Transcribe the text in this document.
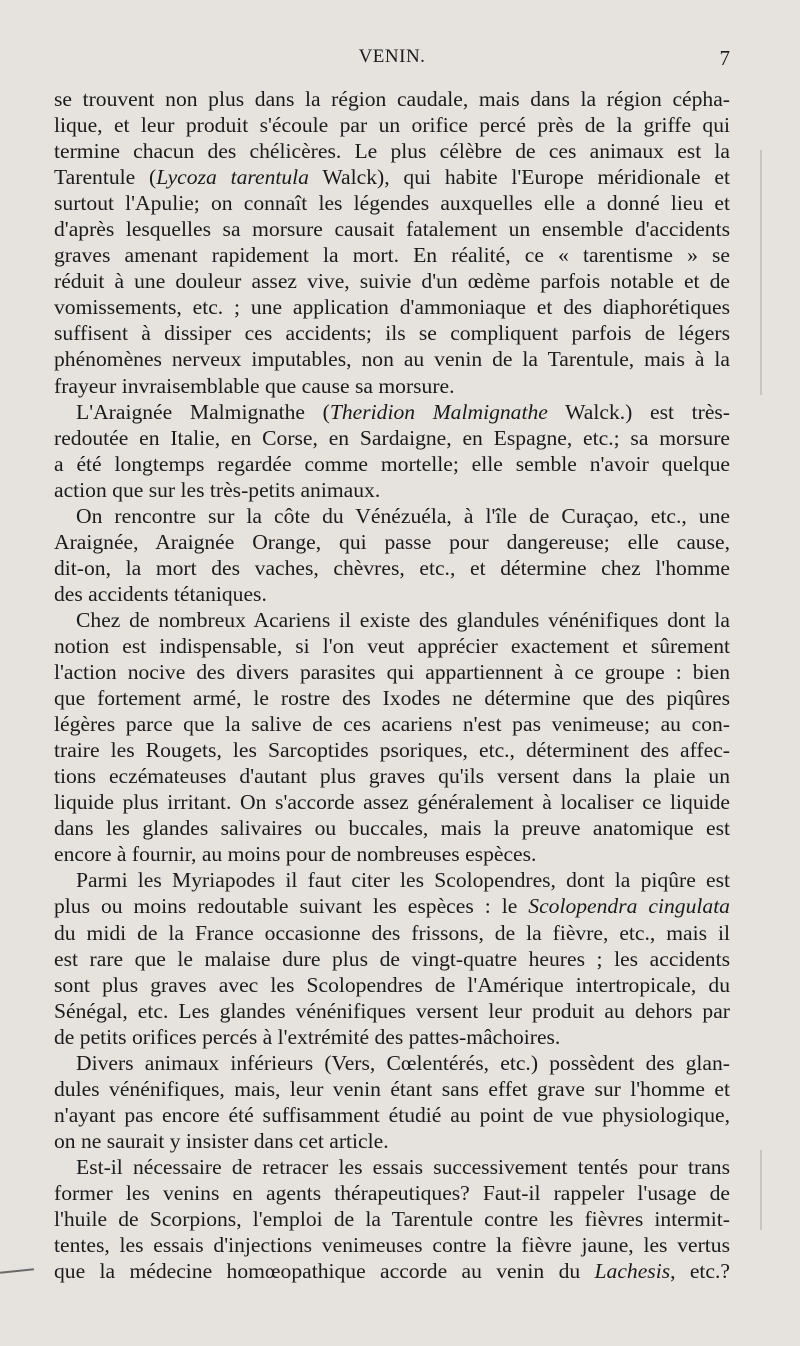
VENIN.	7
se trouvent non plus dans la région caudale, mais dans la région cépha-
lique, et leur produit s'écoule par un orifice percé près de la griffe qui
termine chacun des chélicères. Le plus célèbre de ces animaux est la
Tarentule (Lycoza tarentula Walck), qui habite l'Europe méridionale et
surtout l'Apulie; on connaît les légendes auxquelles elle a donné lieu et
d'après lesquelles sa morsure causait fatalement un ensemble d'accidents
graves amenant rapidement la mort. En réalité, ce « tarentisme » se
réduit à une douleur assez vive, suivie d'un œdème parfois notable et de
vomissements, etc. ; une application d'ammoniaque et des diaphorétiques
suffisent à dissiper ces accidents; ils se compliquent parfois de légers
phénomènes nerveux imputables, non au venin de la Tarentule, mais à la
frayeur invraisemblable que cause sa morsure.
L'Araignée Malmignathe (Theridion Malmignathe Walck.) est très-
redoutée en Italie, en Corse, en Sardaigne, en Espagne, etc.; sa morsure
a été longtemps regardée comme mortelle; elle semble n'avoir quelque
action que sur les très-petits animaux.
On rencontre sur la côte du Vénézuéla, à l'île de Curaçao, etc., une
Araignée, Araignée Orange, qui passe pour dangereuse; elle cause,
dit-on, la mort des vaches, chèvres, etc., et détermine chez l'homme
des accidents tétaniques.
Chez de nombreux Acariens il existe des glandules vénénifiques dont la
notion est indispensable, si l'on veut apprécier exactement et sûrement
l'action nocive des divers parasites qui appartiennent à ce groupe : bien
que fortement armé, le rostre des Ixodes ne détermine que des piqûres
légères parce que la salive de ces acariens n'est pas venimeuse; au con-
traire les Rougets, les Sarcoptides psoriques, etc., déterminent des affec-
tions eczémateuses d'autant plus graves qu'ils versent dans la plaie un
liquide plus irritant. On s'accorde assez généralement à localiser ce liquide
dans les glandes salivaires ou buccales, mais la preuve anatomique est
encore à fournir, au moins pour de nombreuses espèces.
Parmi les Myriapodes il faut citer les Scolopendres, dont la piqûre est
plus ou moins redoutable suivant les espèces : le Scolopendra cingulata
du midi de la France occasionne des frissons, de la fièvre, etc., mais il
est rare que le malaise dure plus de vingt-quatre heures ; les accidents
sont plus graves avec les Scolopendres de l'Amérique intertropicale, du
Sénégal, etc. Les glandes vénénifiques versent leur produit au dehors par
de petits orifices percés à l'extrémité des pattes-mâchoires.
Divers animaux inférieurs (Vers, Cœlentérés, etc.) possèdent des glan-
dules vénénifiques, mais, leur venin étant sans effet grave sur l'homme et
n'ayant pas encore été suffisamment étudié au point de vue physiologique,
on ne saurait y insister dans cet article.
Est-il nécessaire de retracer les essais successivement tentés pour trans
former les venins en agents thérapeutiques? Faut-il rappeler l'usage de
l'huile de Scorpions, l'emploi de la Tarentule contre les fièvres intermit-
tentes, les essais d'injections venimeuses contre la fièvre jaune, les vertus
que la médecine homœopathique accorde au venin du Lachesis, etc.?
